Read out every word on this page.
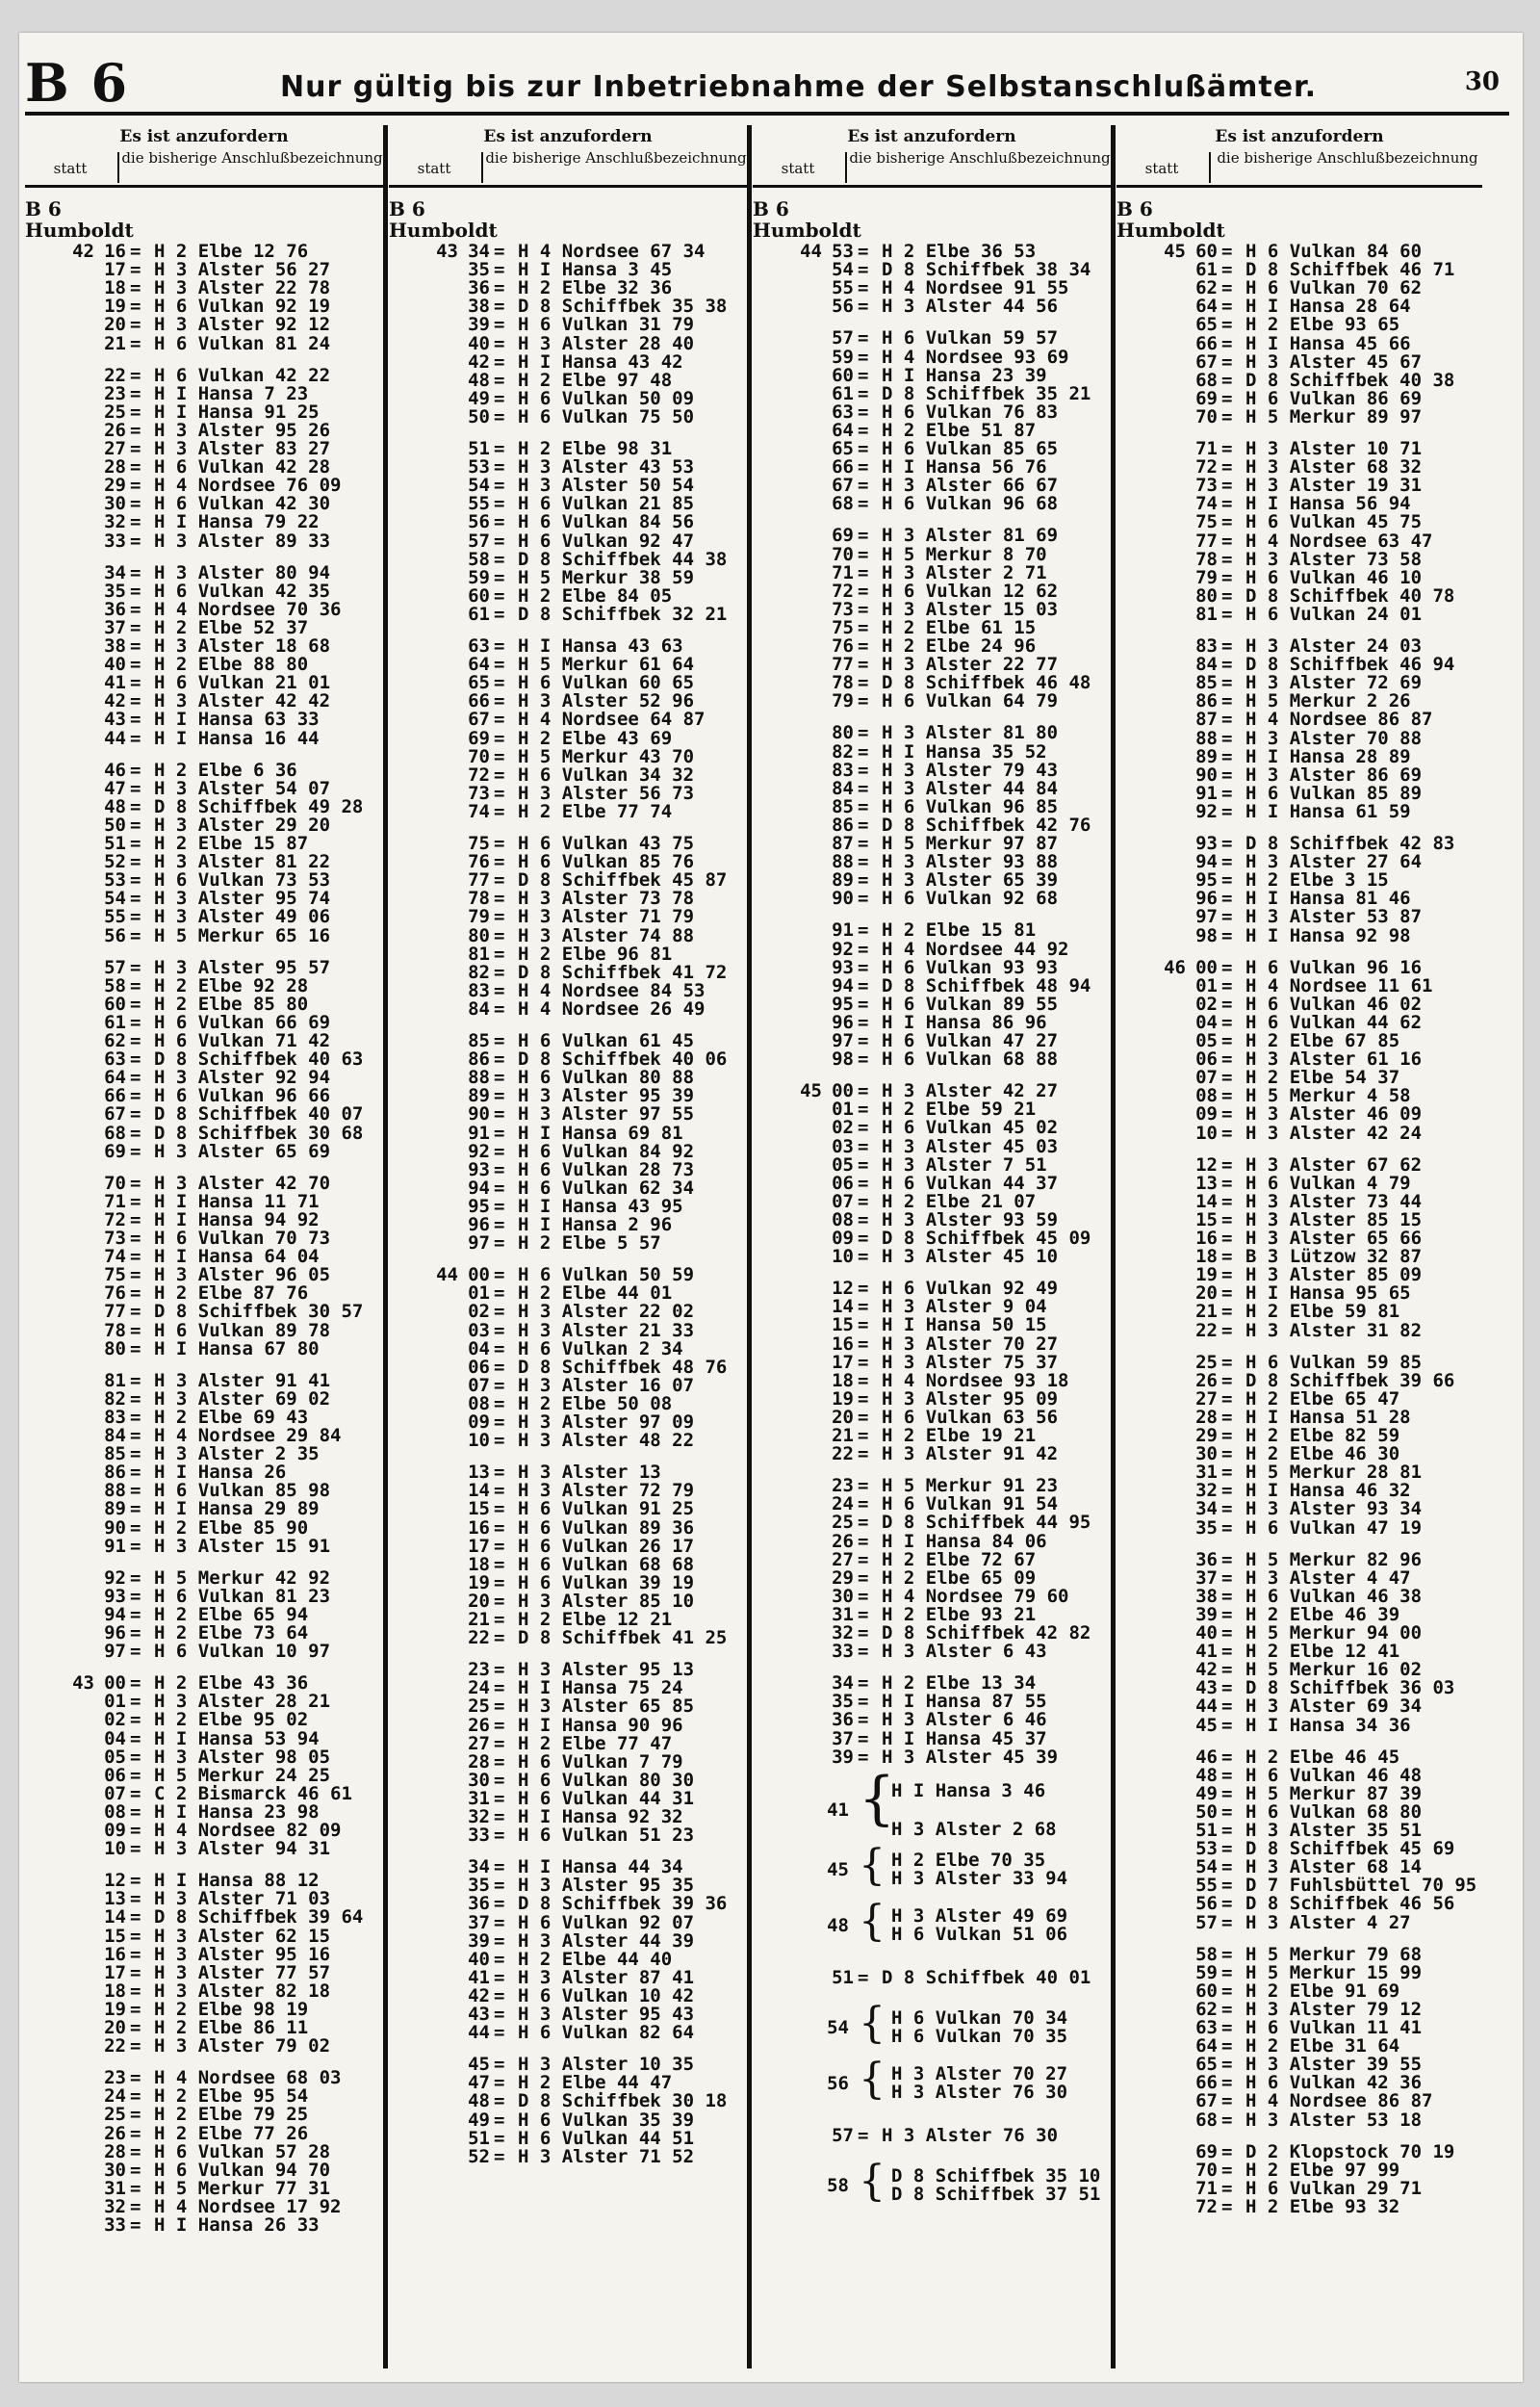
B 6	Nur gültig bis zur Inbetriebnahme der Selbstanschlußämter.	30
Es ist anzufordern
statt
die bisherige Anschlußbezeichnung
B 6
Humboldt
42 16 = H 2 Elbe 12 76
17 = H 3 Alster 56 27
18 = H 3 Alster 22 78
19 = H 6 Vulkan 92 19
20 = H 3 Alster 92 12
21 = H 6 Vulkan 81 24
22 = H 6 Vulkan 42 22
23 = H I Hansa 7 23
25 = H I Hansa 91 25
26 = H 3 Alster 95 26
27 = H 3 Alster 83 27
28 = H 6 Vulkan 42 28
29 = H 4 Nordsee 76 09
30 = H 6 Vulkan 42 30
32 = H I Hansa 79 22
33 = H 3 Alster 89 33
34 = H 3 Alster 80 94
35 = H 6 Vulkan 42 35
36 = H 4 Nordsee 70 36
37 = H 2 Elbe 52 37
38 = H 3 Alster 18 68
40 = H 2 Elbe 88 80
41 = H 6 Vulkan 21 01
42 = H 3 Alster 42 42
43 = H I Hansa 63 33
44 = H I Hansa 16 44
46 = H 2 Elbe 6 36
47 = H 3 Alster 54 07
48 = D 8 Schiffbek 49 28
50 = H 3 Alster 29 20
51 = H 2 Elbe 15 87
52 = H 3 Alster 81 22
53 = H 6 Vulkan 73 53
54 = H 3 Alster 95 74
55 = H 3 Alster 49 06
56 = H 5 Merkur 65 16
57 = H 3 Alster 95 57
58 = H 2 Elbe 92 28
60 = H 2 Elbe 85 80
61 = H 6 Vulkan 66 69
62 = H 6 Vulkan 71 42
63 = D 8 Schiffbek 40 63
64 = H 3 Alster 92 94
66 = H 6 Vulkan 96 66
67 = D 8 Schiffbek 40 07
68 = D 8 Schiffbek 30 68
69 = H 3 Alster 65 69
70 = H 3 Alster 42 70
71 = H I Hansa 11 71
72 = H I Hansa 94 92
73 = H 6 Vulkan 70 73
74 = H I Hansa 64 04
75 = H 3 Alster 96 05
76 = H 2 Elbe 87 76
77 = D 8 Schiffbek 30 57
78 = H 6 Vulkan 89 78
80 = H I Hansa 67 80
81 = H 3 Alster 91 41
82 = H 3 Alster 69 02
83 = H 2 Elbe 69 43
84 = H 4 Nordsee 29 84
85 = H 3 Alster 2 35
86 = H I Hansa 26
88 = H 6 Vulkan 85 98
89 = H I Hansa 29 89
90 = H 2 Elbe 85 90
91 = H 3 Alster 15 91
92 = H 5 Merkur 42 92
93 = H 6 Vulkan 81 23
94 = H 2 Elbe 65 94
96 = H 2 Elbe 73 64
97 = H 6 Vulkan 10 97
43 00 = H 2 Elbe 43 36
01 = H 3 Alster 28 21
02 = H 2 Elbe 95 02
04 = H I Hansa 53 94
05 = H 3 Alster 98 05
06 = H 5 Merkur 24 25
07 = C 2 Bismarck 46 61
08 = H I Hansa 23 98
09 = H 4 Nordsee 82 09
10 = H 3 Alster 94 31
12 = H I Hansa 88 12
13 = H 3 Alster 71 03
14 = D 8 Schiffbek 39 64
15 = H 3 Alster 62 15
16 = H 3 Alster 95 16
17 = H 3 Alster 77 57
18 = H 3 Alster 82 18
19 = H 2 Elbe 98 19
20 = H 2 Elbe 86 11
22 = H 3 Alster 79 02
23 = H 4 Nordsee 68 03
24 = H 2 Elbe 95 54
25 = H 2 Elbe 79 25
26 = H 2 Elbe 77 26
28 = H 6 Vulkan 57 28
30 = H 6 Vulkan 94 70
31 = H 5 Merkur 77 31
32 = H 4 Nordsee 17 92
33 = H I Hansa 26 33
Es ist anzufordern
statt
die bisherige Anschlußbezeichnung
B 6
Humboldt
43 34 = H 4 Nordsee 67 34
35 = H I Hansa 3 45
36 = H 2 Elbe 32 36
38 = D 8 Schiffbek 35 38
39 = H 6 Vulkan 31 79
40 = H 3 Alster 28 40
42 = H I Hansa 43 42
48 = H 2 Elbe 97 48
49 = H 6 Vulkan 50 09
50 = H 6 Vulkan 75 50
51 = H 2 Elbe 98 31
53 = H 3 Alster 43 53
54 = H 3 Alster 50 54
55 = H 6 Vulkan 21 85
56 = H 6 Vulkan 84 56
57 = H 6 Vulkan 92 47
58 = D 8 Schiffbek 44 38
59 = H 5 Merkur 38 59
60 = H 2 Elbe 84 05
61 = D 8 Schiffbek 32 21
63 = H I Hansa 43 63
64 = H 5 Merkur 61 64
65 = H 6 Vulkan 60 65
66 = H 3 Alster 52 96
67 = H 4 Nordsee 64 87
69 = H 2 Elbe 43 69
70 = H 5 Merkur 43 70
72 = H 6 Vulkan 34 32
73 = H 3 Alster 56 73
74 = H 2 Elbe 77 74
75 = H 6 Vulkan 43 75
76 = H 6 Vulkan 85 76
77 = D 8 Schiffbek 45 87
78 = H 3 Alster 73 78
79 = H 3 Alster 71 79
80 = H 3 Alster 74 88
81 = H 2 Elbe 96 81
82 = D 8 Schiffbek 41 72
83 = H 4 Nordsee 84 53
84 = H 4 Nordsee 26 49
85 = H 6 Vulkan 61 45
86 = D 8 Schiffbek 40 06
88 = H 6 Vulkan 80 88
89 = H 3 Alster 95 39
90 = H 3 Alster 97 55
91 = H I Hansa 69 81
92 = H 6 Vulkan 84 92
93 = H 6 Vulkan 28 73
94 = H 6 Vulkan 62 34
95 = H I Hansa 43 95
96 = H I Hansa 2 96
97 = H 2 Elbe 5 57
44 00 = H 6 Vulkan 50 59
01 = H 2 Elbe 44 01
02 = H 3 Alster 22 02
03 = H 3 Alster 21 33
04 = H 6 Vulkan 2 34
06 = D 8 Schiffbek 48 76
07 = H 3 Alster 16 07
08 = H 2 Elbe 50 08
09 = H 3 Alster 97 09
10 = H 3 Alster 48 22
13 = H 3 Alster 13
14 = H 3 Alster 72 79
15 = H 6 Vulkan 91 25
16 = H 6 Vulkan 89 36
17 = H 6 Vulkan 26 17
18 = H 6 Vulkan 68 68
19 = H 6 Vulkan 39 19
20 = H 3 Alster 85 10
21 = H 2 Elbe 12 21
22 = D 8 Schiffbek 41 25
23 = H 3 Alster 95 13
24 = H I Hansa 75 24
25 = H 3 Alster 65 85
26 = H I Hansa 90 96
27 = H 2 Elbe 77 47
28 = H 6 Vulkan 7 79
30 = H 6 Vulkan 80 30
31 = H 6 Vulkan 44 31
32 = H I Hansa 92 32
33 = H 6 Vulkan 51 23
34 = H I Hansa 44 34
35 = H 3 Alster 95 35
36 = D 8 Schiffbek 39 36
37 = H 6 Vulkan 92 07
39 = H 3 Alster 44 39
40 = H 2 Elbe 44 40
41 = H 3 Alster 87 41
42 = H 6 Vulkan 10 42
43 = H 3 Alster 95 43
44 = H 6 Vulkan 82 64
45 = H 3 Alster 10 35
47 = H 2 Elbe 44 47
48 = D 8 Schiffbek 30 18
49 = H 6 Vulkan 35 39
51 = H 6 Vulkan 44 51
52 = H 3 Alster 71 52
Es ist anzufordern
statt
die bisherige Anschlußbezeichnung
B 6
Humboldt
44 53 = H 2 Elbe 36 53
54 = D 8 Schiffbek 38 34
55 = H 4 Nordsee 91 55
56 = H 3 Alster 44 56
57 = H 6 Vulkan 59 57
59 = H 4 Nordsee 93 69
60 = H I Hansa 23 39
61 = D 8 Schiffbek 35 21
63 = H 6 Vulkan 76 83
64 = H 2 Elbe 51 87
65 = H 6 Vulkan 85 65
66 = H I Hansa 56 76
67 = H 3 Alster 66 67
68 = H 6 Vulkan 96 68
69 = H 3 Alster 81 69
70 = H 5 Merkur 8 70
71 = H 3 Alster 2 71
72 = H 6 Vulkan 12 62
73 = H 3 Alster 15 03
75 = H 2 Elbe 61 15
76 = H 2 Elbe 24 96
77 = H 3 Alster 22 77
78 = D 8 Schiffbek 46 48
79 = H 6 Vulkan 64 79
80 = H 3 Alster 81 80
82 = H I Hansa 35 52
83 = H 3 Alster 79 43
84 = H 3 Alster 44 84
85 = H 6 Vulkan 96 85
86 = D 8 Schiffbek 42 76
87 = H 5 Merkur 97 87
88 = H 3 Alster 93 88
89 = H 3 Alster 65 39
90 = H 6 Vulkan 92 68
91 = H 2 Elbe 15 81
92 = H 4 Nordsee 44 92
93 = H 6 Vulkan 93 93
94 = D 8 Schiffbek 48 94
95 = H 6 Vulkan 89 55
96 = H I Hansa 86 96
97 = H 6 Vulkan 47 27
98 = H 6 Vulkan 68 88
45 00 = H 3 Alster 42 27
01 = H 2 Elbe 59 21
02 = H 6 Vulkan 45 02
03 = H 3 Alster 45 03
05 = H 3 Alster 7 51
06 = H 6 Vulkan 44 37
07 = H 2 Elbe 21 07
08 = H 3 Alster 93 59
09 = D 8 Schiffbek 45 09
10 = H 3 Alster 45 10
12 = H 6 Vulkan 92 49
14 = H 3 Alster 9 04
15 = H I Hansa 50 15
16 = H 3 Alster 70 27
17 = H 3 Alster 75 37
18 = H 4 Nordsee 93 18
19 = H 3 Alster 95 09
20 = H 6 Vulkan 63 56
21 = H 2 Elbe 19 21
22 = H 3 Alster 91 42
23 = H 5 Merkur 91 23
24 = H 6 Vulkan 91 54
25 = D 8 Schiffbek 44 95
26 = H I Hansa 84 06
27 = H 2 Elbe 72 67
29 = H 2 Elbe 65 09
30 = H 4 Nordsee 79 60
31 = H 2 Elbe 93 21
32 = D 8 Schiffbek 42 82
33 = H 3 Alster 6 43
34 = H 2 Elbe 13 34
35 = H I Hansa 87 55
36 = H 3 Alster 6 46
37 = H I Hansa 45 37
39 = H 3 Alster 45 39
41 {
H I Hansa 3 46
H 3 Alster 2 68
45 { H 2 Elbe 70 35
H 3 Alster 33 94
48 { H 3 Alster 49 69
H 6 Vulkan 51 06
51 = D 8 Schiffbek 40 01
54 { H 6 Vulkan 70 34
H 6 Vulkan 70 35
56 { H 3 Alster 70 27
H 3 Alster 76 30
57 = H 3 Alster 76 30
58 { D 8 Schiffbek 35 10
D 8 Schiffbek 37 51
Es ist anzufordern
statt
die bisherige Anschlußbezeichnung
B 6
Humboldt
45 60 = H 6 Vulkan 84 60
61 = D 8 Schiffbek 46 71
62 = H 6 Vulkan 70 62
64 = H I Hansa 28 64
65 = H 2 Elbe 93 65
66 = H I Hansa 45 66
67 = H 3 Alster 45 67
68 = D 8 Schiffbek 40 38
69 = H 6 Vulkan 86 69
70 = H 5 Merkur 89 97
71 = H 3 Alster 10 71
72 = H 3 Alster 68 32
73 = H 3 Alster 19 31
74 = H I Hansa 56 94
75 = H 6 Vulkan 45 75
77 = H 4 Nordsee 63 47
78 = H 3 Alster 73 58
79 = H 6 Vulkan 46 10
80 = D 8 Schiffbek 40 78
81 = H 6 Vulkan 24 01
83 = H 3 Alster 24 03
84 = D 8 Schiffbek 46 94
85 = H 3 Alster 72 69
86 = H 5 Merkur 2 26
87 = H 4 Nordsee 86 87
88 = H 3 Alster 70 88
89 = H I Hansa 28 89
90 = H 3 Alster 86 69
91 = H 6 Vulkan 85 89
92 = H I Hansa 61 59
93 = D 8 Schiffbek 42 83
94 = H 3 Alster 27 64
95 = H 2 Elbe 3 15
96 = H I Hansa 81 46
97 = H 3 Alster 53 87
98 = H I Hansa 92 98
46 00 = H 6 Vulkan 96 16
01 = H 4 Nordsee 11 61
02 = H 6 Vulkan 46 02
04 = H 6 Vulkan 44 62
05 = H 2 Elbe 67 85
06 = H 3 Alster 61 16
07 = H 2 Elbe 54 37
08 = H 5 Merkur 4 58
09 = H 3 Alster 46 09
10 = H 3 Alster 42 24
12 = H 3 Alster 67 62
13 = H 6 Vulkan 4 79
14 = H 3 Alster 73 44
15 = H 3 Alster 85 15
16 = H 3 Alster 65 66
18 = B 3 Lützow 32 87
19 = H 3 Alster 85 09
20 = H I Hansa 95 65
21 = H 2 Elbe 59 81
22 = H 3 Alster 31 82
25 = H 6 Vulkan 59 85
26 = D 8 Schiffbek 39 66
27 = H 2 Elbe 65 47
28 = H I Hansa 51 28
29 = H 2 Elbe 82 59
30 = H 2 Elbe 46 30
31 = H 5 Merkur 28 81
32 = H I Hansa 46 32
34 = H 3 Alster 93 34
35 = H 6 Vulkan 47 19
36 = H 5 Merkur 82 96
37 = H 3 Alster 4 47
38 = H 6 Vulkan 46 38
39 = H 2 Elbe 46 39
40 = H 5 Merkur 94 00
41 = H 2 Elbe 12 41
42 = H 5 Merkur 16 02
43 = D 8 Schiffbek 36 03
44 = H 3 Alster 69 34
45 = H I Hansa 34 36
46 = H 2 Elbe 46 45
48 = H 6 Vulkan 46 48
49 = H 5 Merkur 87 39
50 = H 6 Vulkan 68 80
51 = H 3 Alster 35 51
53 = D 8 Schiffbek 45 69
54 = H 3 Alster 68 14
55 = D 7 Fuhlsbüttel 70 95
56 = D 8 Schiffbek 46 56
57 = H 3 Alster 4 27
58 = H 5 Merkur 79 68
59 = H 5 Merkur 15 99
60 = H 2 Elbe 91 69
62 = H 3 Alster 79 12
63 = H 6 Vulkan 11 41
64 = H 2 Elbe 31 64
65 = H 3 Alster 39 55
66 = H 6 Vulkan 42 36
67 = H 4 Nordsee 86 87
68 = H 3 Alster 53 18
69 = D 2 Klopstock 70 19
70 = H 2 Elbe 97 99
71 = H 6 Vulkan 29 71
72 = H 2 Elbe 93 32
